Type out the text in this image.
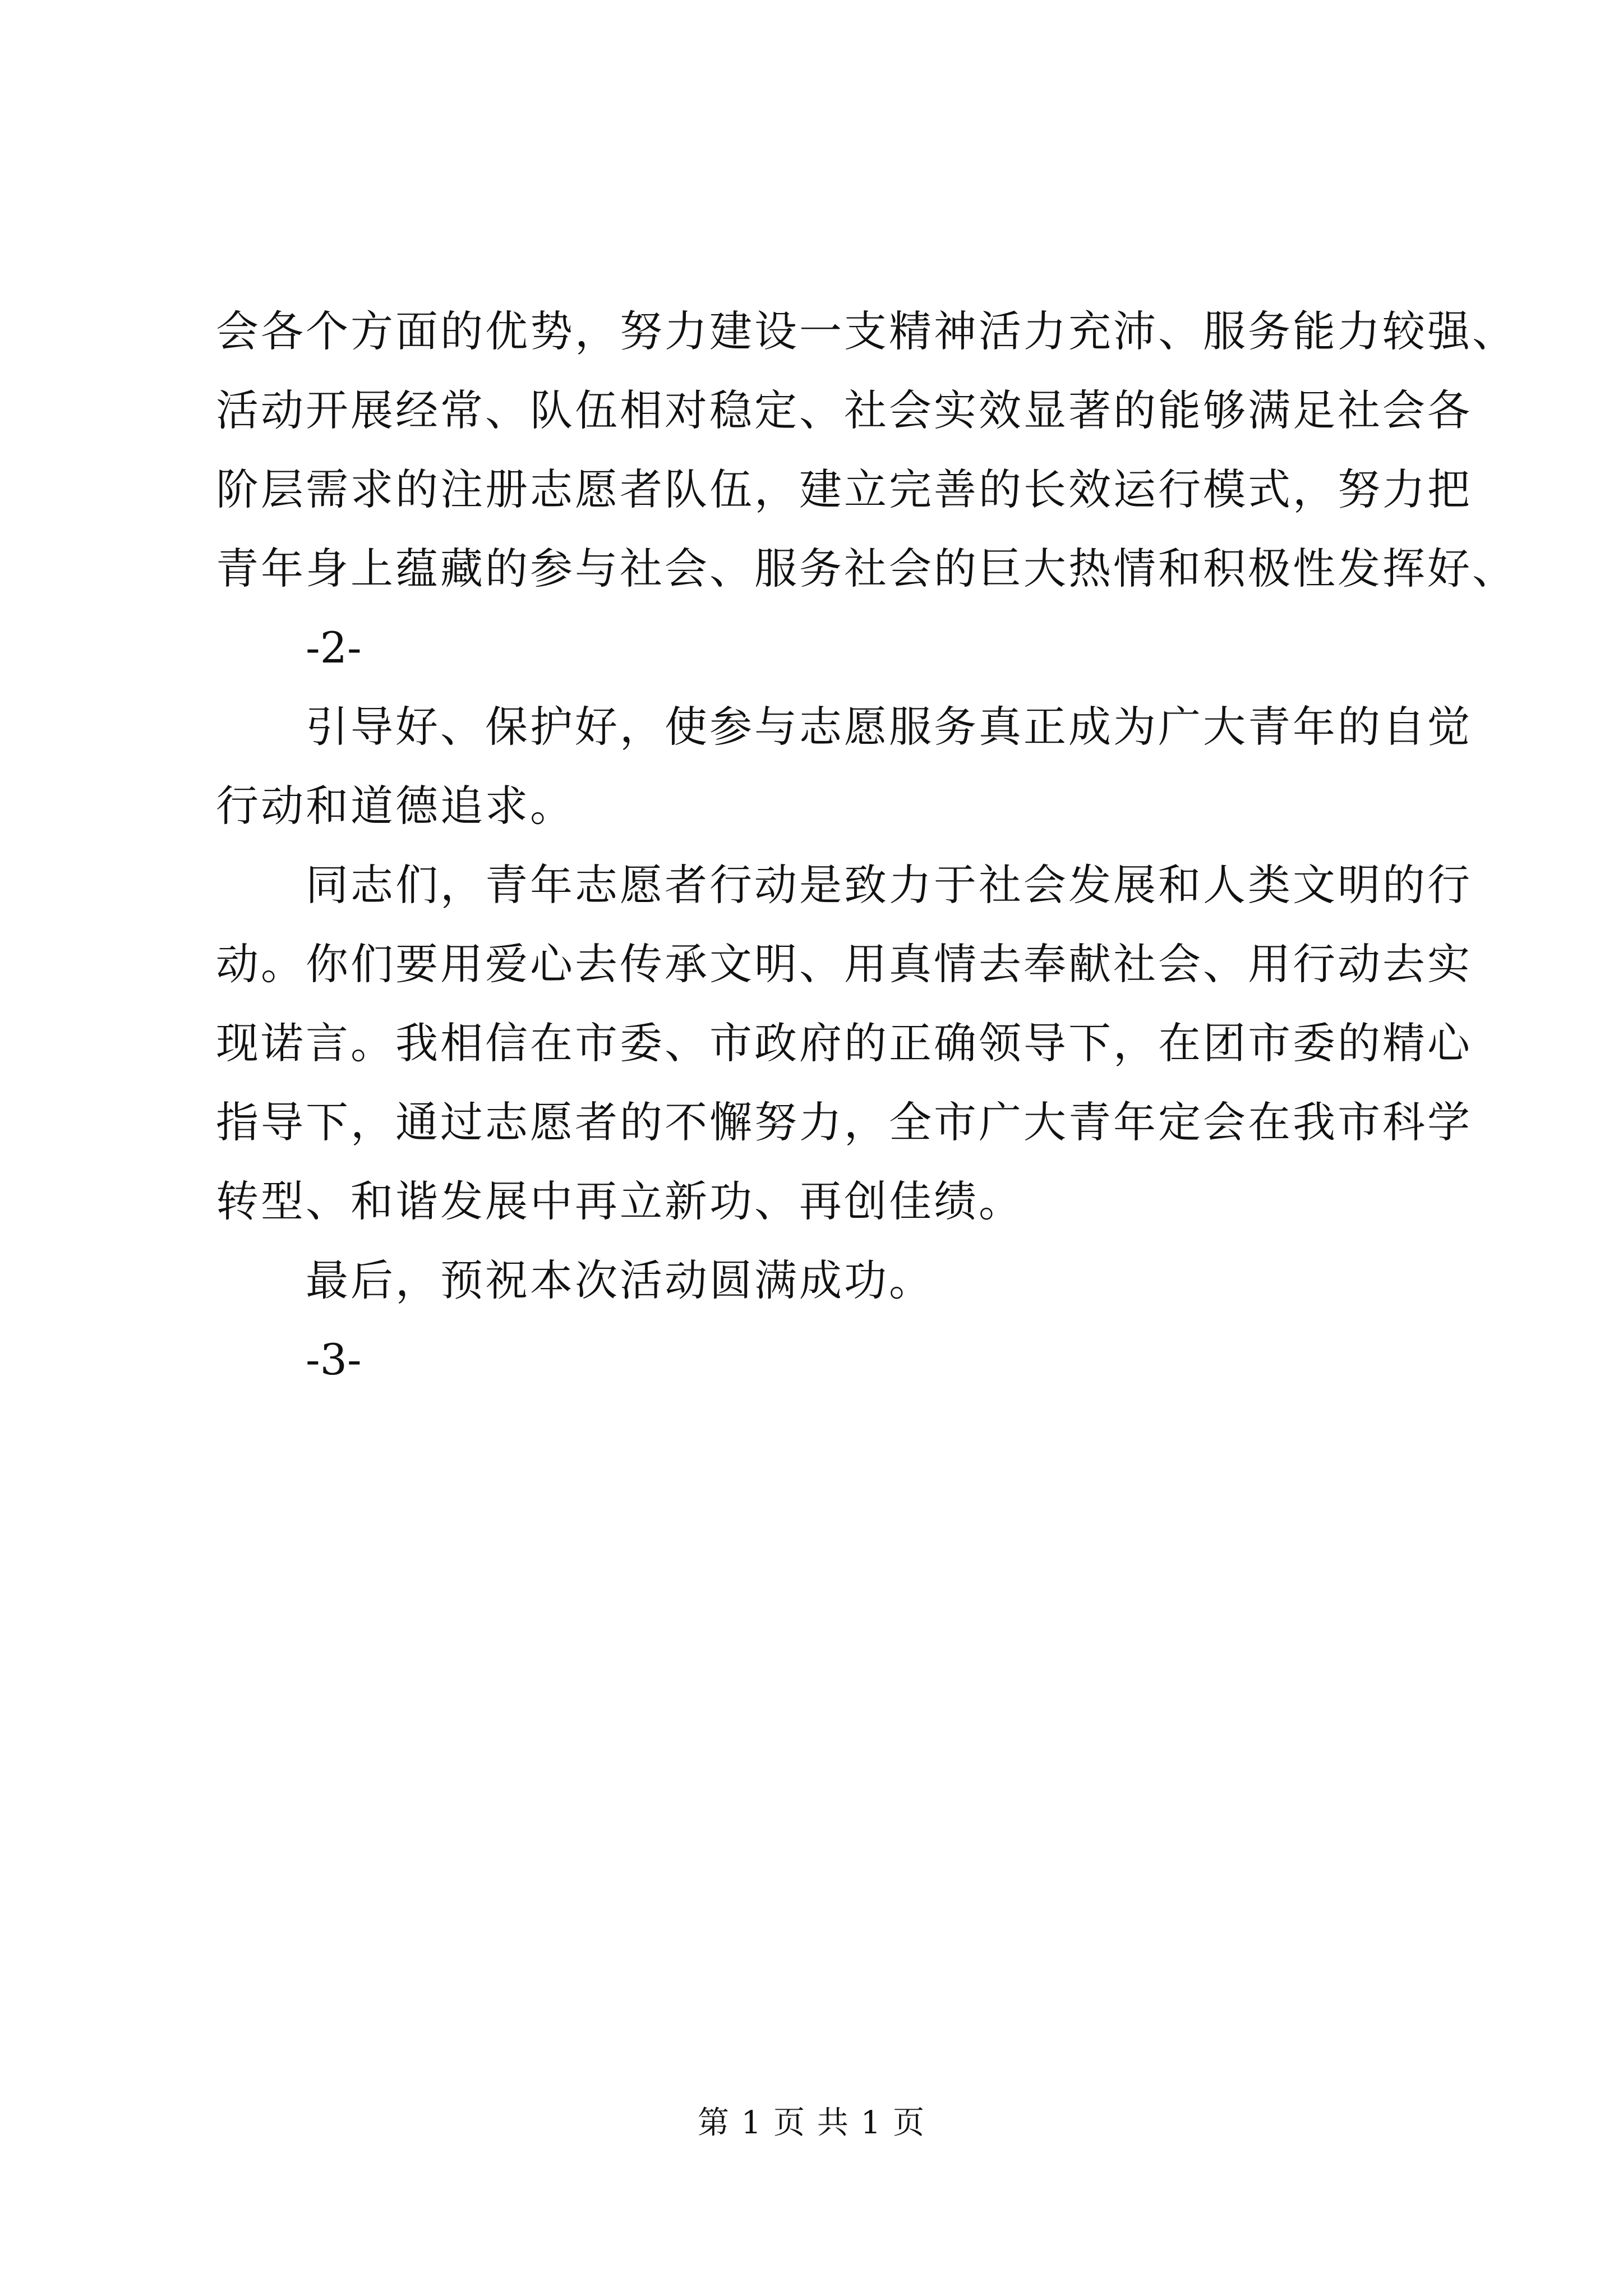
会各个方面的优势，努力建设一支精神活力充沛、服务能力较强、
活动开展经常、队伍相对稳定、社会实效显著的能够满足社会各
阶层需求的注册志愿者队伍，建立完善的长效运行模式，努力把
青年身上蕴藏的参与社会、服务社会的巨大热情和积极性发挥好、
-2-
引导好、保护好，使参与志愿服务真正成为广大青年的自觉
行动和道德追求。
同志们，青年志愿者行动是致力于社会发展和人类文明的行
动。你们要用爱心去传承文明、用真情去奉献社会、用行动去实
现诺言。我相信在市委、市政府的正确领导下，在团市委的精心
指导下，通过志愿者的不懈努力，全市广大青年定会在我市科学
转型、和谐发展中再立新功、再创佳绩。
最后，预祝本次活动圆满成功。
-3-
第 1 页 共 1 页
